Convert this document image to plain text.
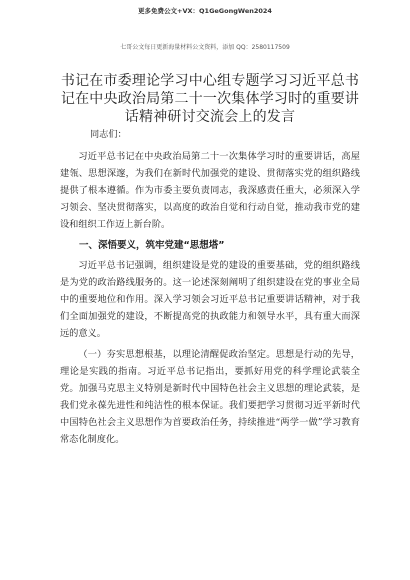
更多免费公文+VX：Q1GeGongWen2024
七哥公文每日更新海量材料公文资料，添加 QQ：2580117509
书记在市委理论学习中心组专题学习习近平总书记在中央政治局第二十一次集体学习时的重要讲话精神研讨交流会上的发言
同志们：

习近平总书记在中央政治局第二十一次集体学习时的重要讲话，高屋建瓴、思想深邃，为我们在新时代加强党的建设、贯彻落实党的组织路线提供了根本遵循。作为市委主要负责同志，我深感责任重大，必须深入学习领会、坚决贯彻落实，以高度的政治自觉和行动自觉，推动我市党的建设和组织工作迈上新台阶。

一、深悟要义，筑牢党建“思想塔”

习近平总书记强调，组织建设是党的建设的重要基础，党的组织路线是为党的政治路线服务的。这一论述深刻阐明了组织建设在党的事业全局中的重要地位和作用。深入学习领会习近平总书记重要讲话精神，对于我们全面加强党的建设，不断提高党的执政能力和领导水平，具有重大而深远的意义。

（一）夯实思想根基，以理论清醒促政治坚定。思想是行动的先导，理论是实践的指南。习近平总书记指出，要抓好用党的科学理论武装全党。加强马克思主义特别是新时代中国特色社会主义思想的理论武装，是我们党永葆先进性和纯洁性的根本保证。我们要把学习贯彻习近平新时代中国特色社会主义思想作为首要政治任务，持续推进“两学一做”学习教育常态化制度化。
